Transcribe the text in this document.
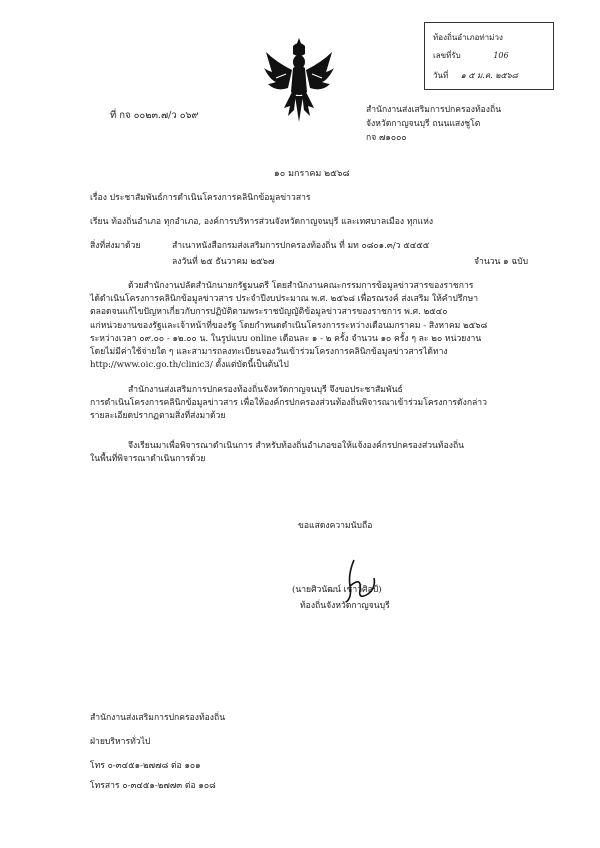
ท้องถิ่นอำเภอท่าม่วง
เลขที่รับ	106
วันที่ ๑ ๕ ม.ค. ๒๕๖๘
ที่ กจ ๐๐๒๓.๗/ว ๐๖๙	สำนักงานส่งเสริมการปกครองท้องถิ่น
จังหวัดกาญจนบุรี ถนนแสงชูโต
กจ ๗๑๐๐๐
๑๐ มกราคม ๒๕๖๘
เรื่อง ประชาสัมพันธ์การดำเนินโครงการคลินิกข้อมูลข่าวสาร
เรียน ท้องถิ่นอำเภอ ทุกอำเภอ, องค์การบริหารส่วนจังหวัดกาญจนบุรี และเทศบาลเมือง ทุกแห่ง
สิ่งที่ส่งมาด้วย	สำเนาหนังสือกรมส่งเสริมการปกครองท้องถิ่น ที่ มท ๐๘๐๑.๓/ว ๕๔๕๕
ลงวันที่ ๒๕ ธันวาคม ๒๕๖๗	จำนวน ๑ ฉบับ
ด้วยสำนักงานปลัดสำนักนายกรัฐมนตรี โดยสำนักงานคณะกรรมการข้อมูลข่าวสารของราชการ
ได้ดำเนินโครงการคลินิกข้อมูลข่าวสาร ประจำปีงบประมาณ พ.ศ. ๒๕๖๘ เพื่อรณรงค์ ส่งเสริม ให้คำปรึกษา
ตลอดจนแก้ไขปัญหาเกี่ยวกับการปฏิบัติตามพระราชบัญญัติข้อมูลข่าวสารของราชการ พ.ศ. ๒๕๔๐
แก่หน่วยงานของรัฐและเจ้าหน้าที่ของรัฐ โดยกำหนดดำเนินโครงการระหว่างเดือนมกราคม - สิงหาคม ๒๕๖๘
ระหว่างเวลา ๐๙.๐๐ - ๑๒.๐๐ น. ในรูปแบบ online เดือนละ ๑ - ๒ ครั้ง จำนวน ๑๐ ครั้ง ๆ ละ ๒๐ หน่วยงาน
โดยไม่มีค่าใช้จ่ายใด ๆ และสามารถลงทะเบียนจองวันเข้าร่วมโครงการคลินิกข้อมูลข่าวสารได้ทาง
http://www.oic.go.th/clinic3/ ตั้งแต่บัดนี้เป็นต้นไป
สำนักงานส่งเสริมการปกครองท้องถิ่นจังหวัดกาญจนบุรี จึงขอประชาสัมพันธ์
การดำเนินโครงการคลินิกข้อมูลข่าวสาร เพื่อให้องค์กรปกครองส่วนท้องถิ่นพิจารณาเข้าร่วมโครงการดังกล่าว
รายละเอียดปรากฏตามสิ่งที่ส่งมาด้วย
จึงเรียนมาเพื่อพิจารณาดำเนินการ สำหรับท้องถิ่นอำเภอขอให้แจ้งองค์กรปกครองส่วนท้องถิ่น
ในพื้นที่พิจารณาดำเนินการด้วย
ขอแสดงความนับถือ
(นายศิวนัฒน์ เชาว์ศิลป์)
ท้องถิ่นจังหวัดกาญจนบุรี
สำนักงานส่งเสริมการปกครองท้องถิ่น
ฝ่ายบริหารทั่วไป
โทร ๐-๓๔๕๑-๒๗๗๘ ต่อ ๑๐๑
โทรสาร ๐-๓๔๕๑-๒๗๗๓ ต่อ ๑๐๘
